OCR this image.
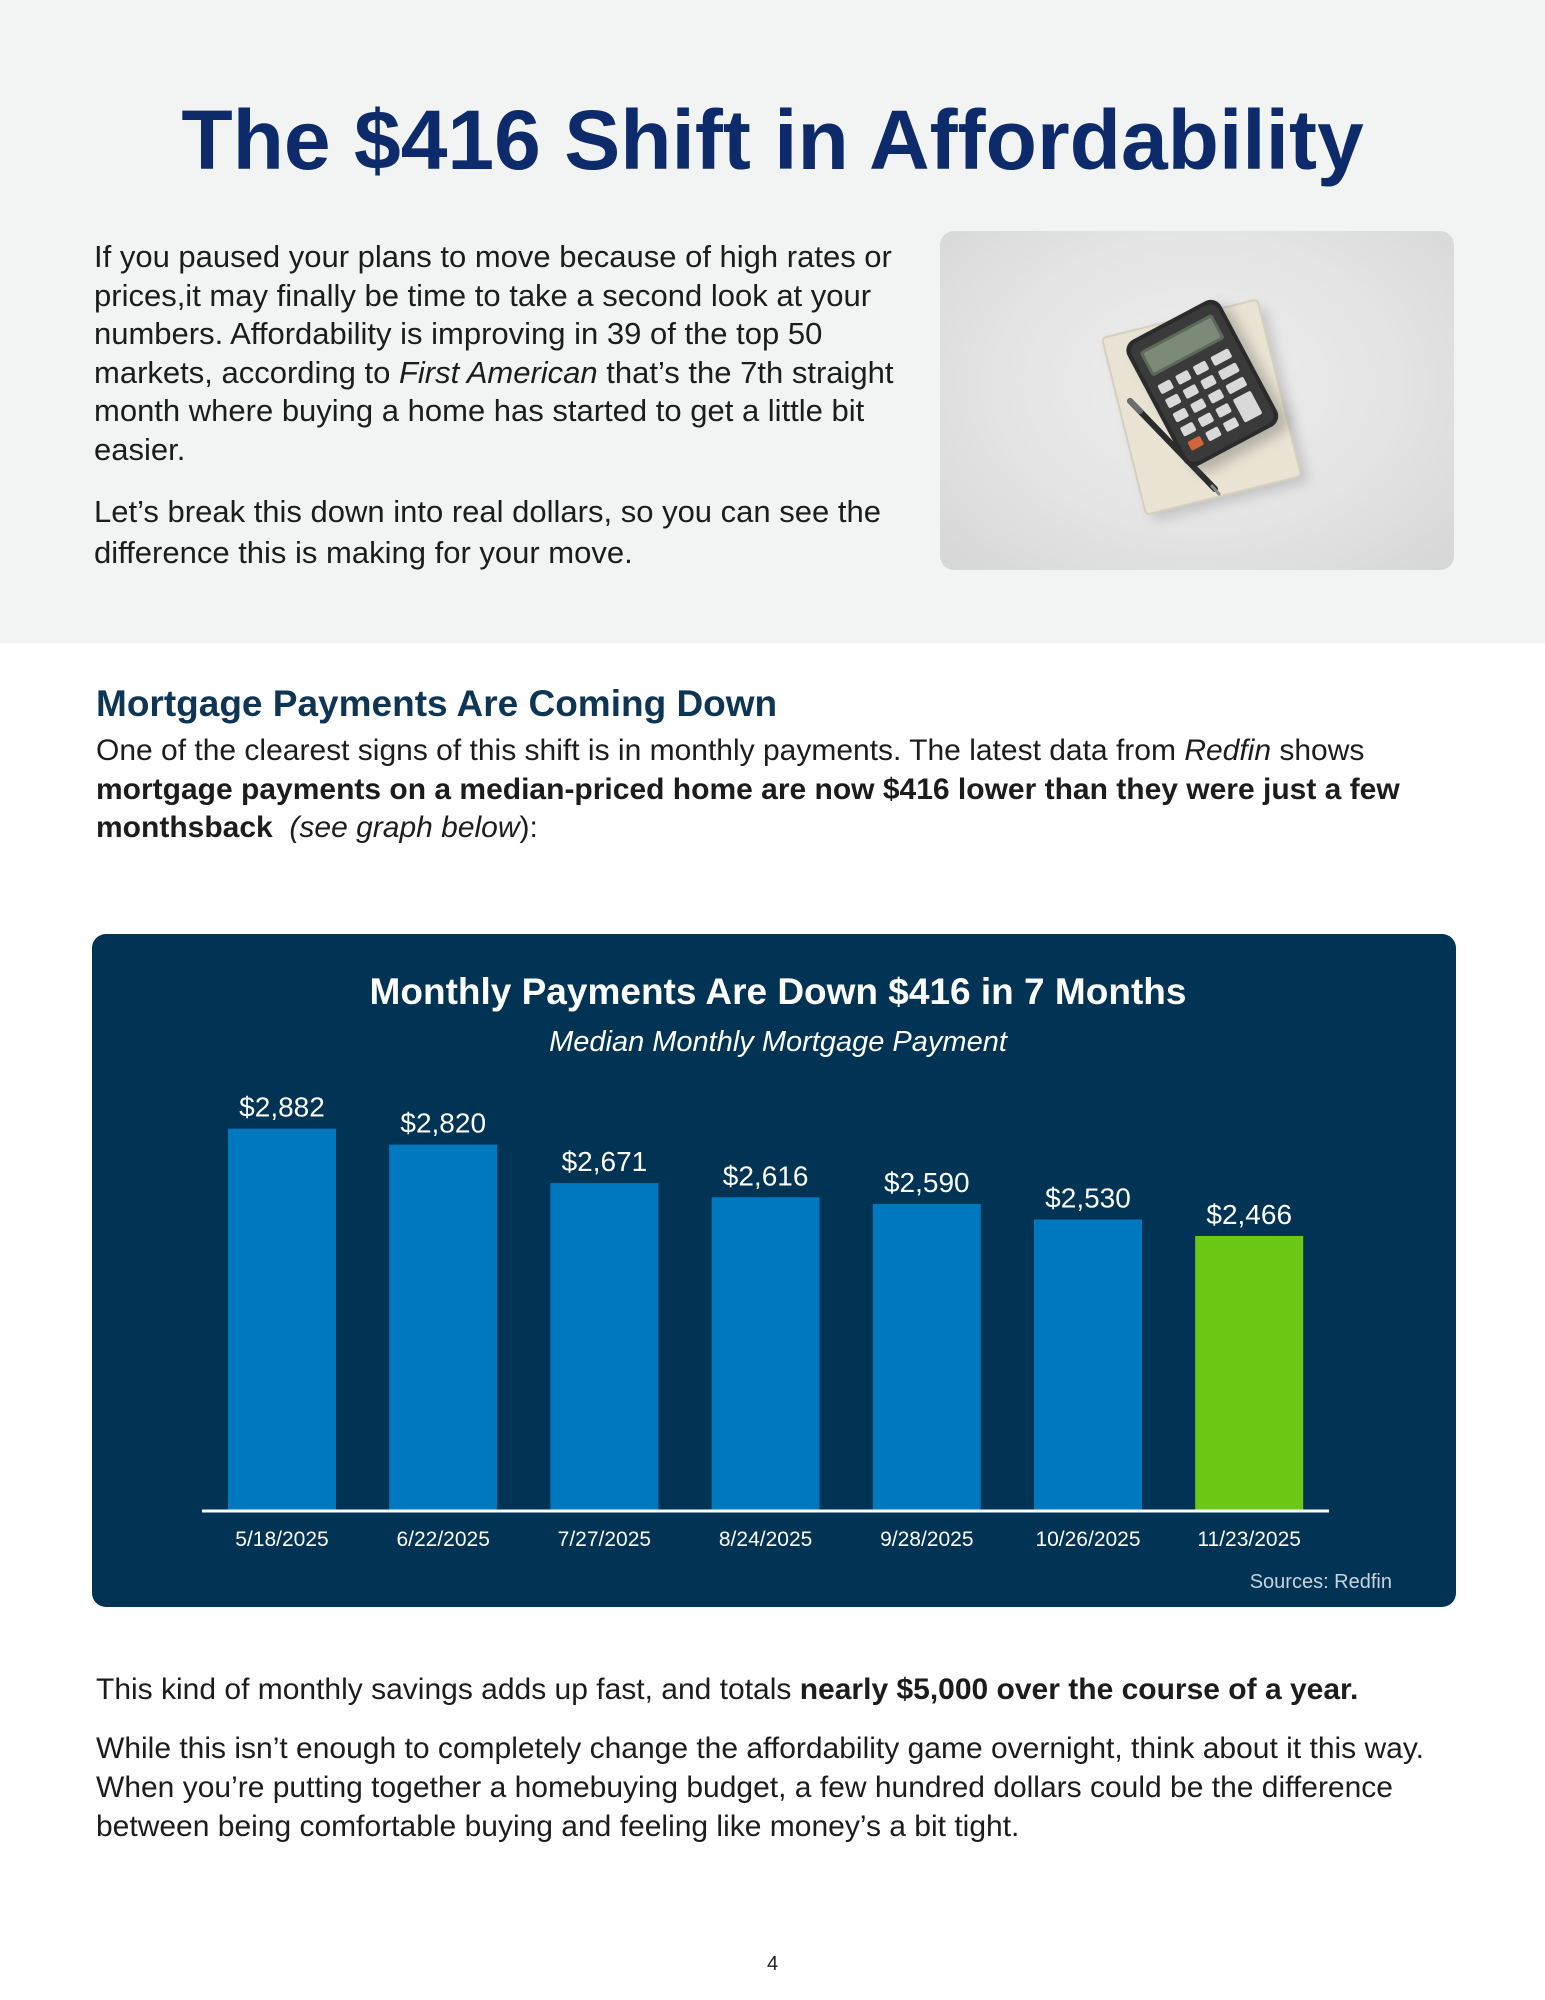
The $416 Shift in Affordability

If you paused your plans to move because of high rates or prices,it may finally be time to take a second look at your numbers. Affordability is improving in 39 of the top 50 markets, according to First American that’s the 7th straight month where buying a home has started to get a little bit easier.

Let’s break this down into real dollars, so you can see the difference this is making for your move.

Mortgage Payments Are Coming Down
One of the clearest signs of this shift is in monthly payments. The latest data from Redfin shows mortgage payments on a median-priced home are now $416 lower than they were just a few monthsback (see graph below):
Monthly Payments Are Down $416 in 7 Months
Median Monthly Mortgage Payment
$2,882
5/18/2025
$2,820
6/22/2025
$2,671
7/27/2025
$2,616
8/24/2025
$2,590
9/28/2025
$2,530
10/26/2025
$2,466
11/23/2025
Sources: Redfin

This kind of monthly savings adds up fast, and totals nearly $5,000 over the course of a year.

While this isn’t enough to completely change the affordability game overnight, think about it this way. When you’re putting together a homebuying budget, a few hundred dollars could be the difference between being comfortable buying and feeling like money’s a bit tight.

4
